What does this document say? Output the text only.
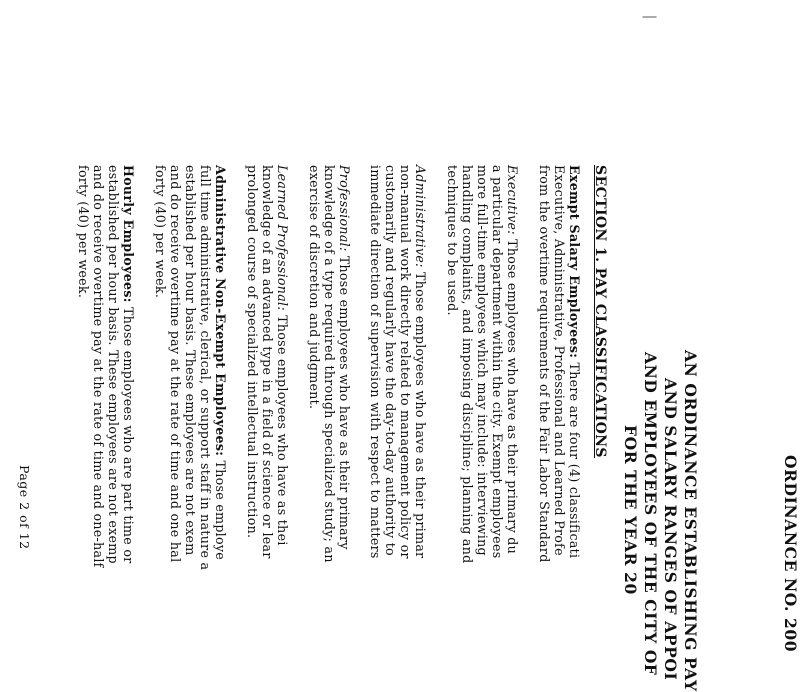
ORDINANCE NO. 200
AN ORDINANCE ESTABLISHING PAY
AND SALARY RANGES OF APPOI
AND EMPLOYEES OF THE CITY OF
FOR THE YEAR 20
SECTION 1. PAY CLASSIFICATIONS
Exempt Salary Employees: There are four (4) classificati
Executive, Administrative, Professional and Learned Profe
from the overtime requirements of the Fair Labor Standard
Executive: Those employees who have as their primary du
a particular department within the city. Exempt employees
more full-time employees which may include: interviewing
handling complaints, and imposing discipline; planning and
techniques to be used.
Administrative: Those employees who have as their primar
non-manual work directly related to management policy or
customarily and regularly have the day-to-day authority to
immediate direction of supervision with respect to matters
Professional: Those employees who have as their primary
knowledge of a type required through specialized study; an
exercise of discretion and judgment.
Learned Professional: Those employees who have as thei
knowledge of an advanced type in a field of science or lear
prolonged course of specialized intellectual instruction.
Administrative Non-Exempt Employees: Those employe
full time administrative, clerical, or support staff in nature a
established per hour basis. These employees are not exem
and do receive overtime pay at the rate of time and one hal
forty (40) per week.
Hourly Employees: Those employees who are part time or
established per hour basis. These employees are not exemp
and do receive overtime pay at the rate of time and one-half
forty (40) per week.
Page 2 of 12
